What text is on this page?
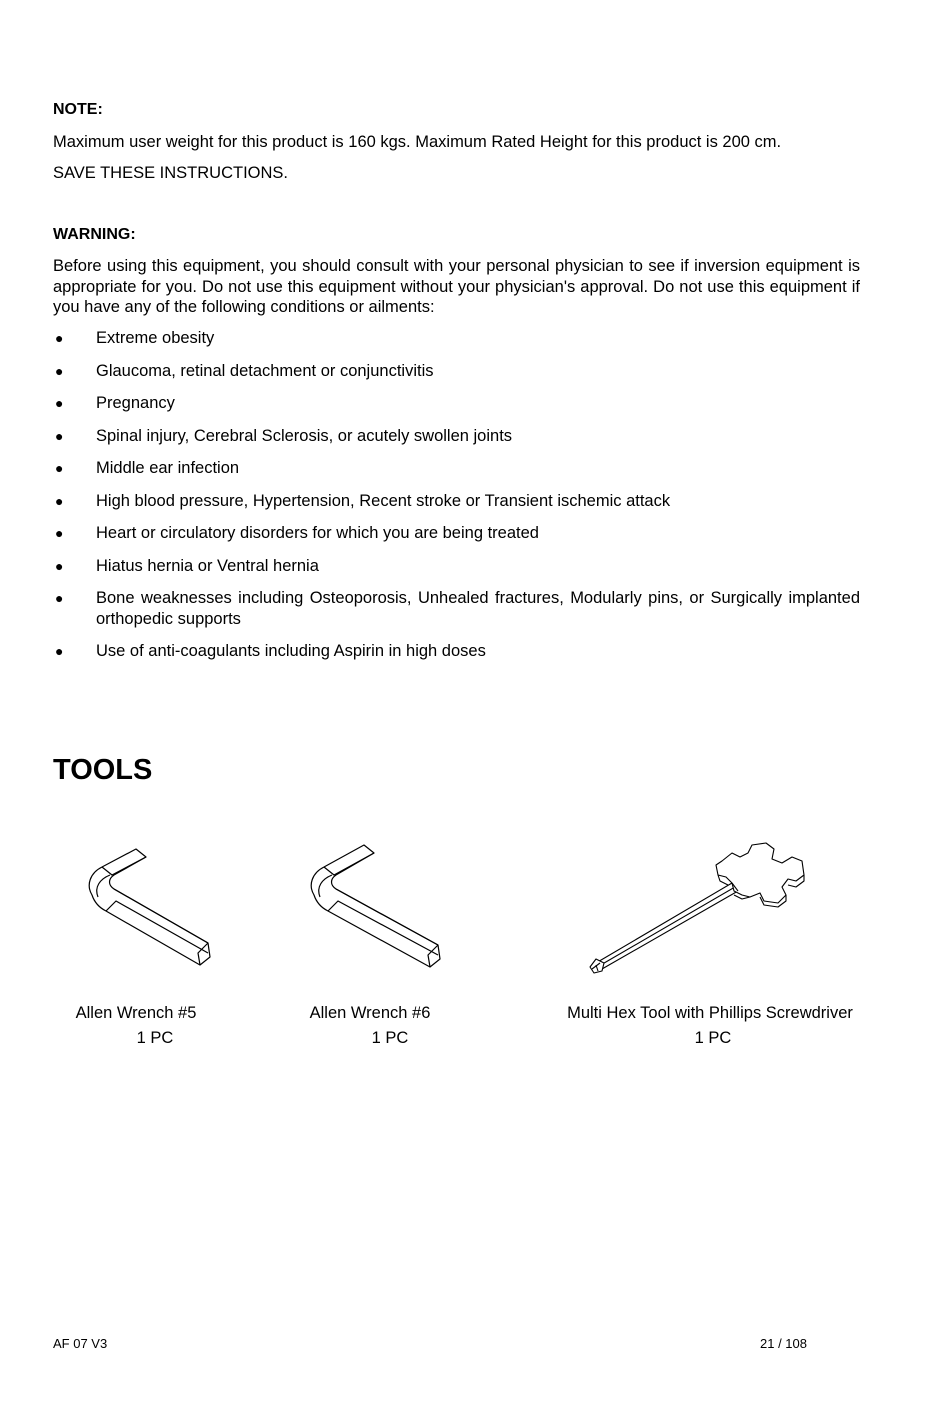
NOTE:
Maximum user weight for this product is 160 kgs. Maximum Rated Height for this product is 200 cm.
SAVE THESE INSTRUCTIONS.
WARNING:
Before using this equipment, you should consult with your personal physician to see if inversion equipment is appropriate for you. Do not use this equipment without your physician's approval. Do not use this equipment if you have any of the following conditions or ailments:
● Extreme obesity
● Glaucoma, retinal detachment or conjunctivitis
● Pregnancy
● Spinal injury, Cerebral Sclerosis, or acutely swollen joints
● Middle ear infection
● High blood pressure, Hypertension, Recent stroke or Transient ischemic attack
● Heart or circulatory disorders for which you are being treated
● Hiatus hernia or Ventral hernia
● Bone weaknesses including Osteoporosis, Unhealed fractures, Modularly pins, or Surgically implanted orthopedic supports
● Use of anti-coagulants including Aspirin in high doses
TOOLS
Allen Wrench #5
1 PC
Allen Wrench #6
1 PC
Multi Hex Tool with Phillips Screwdriver
1 PC
AF 07 V3	21 / 108
